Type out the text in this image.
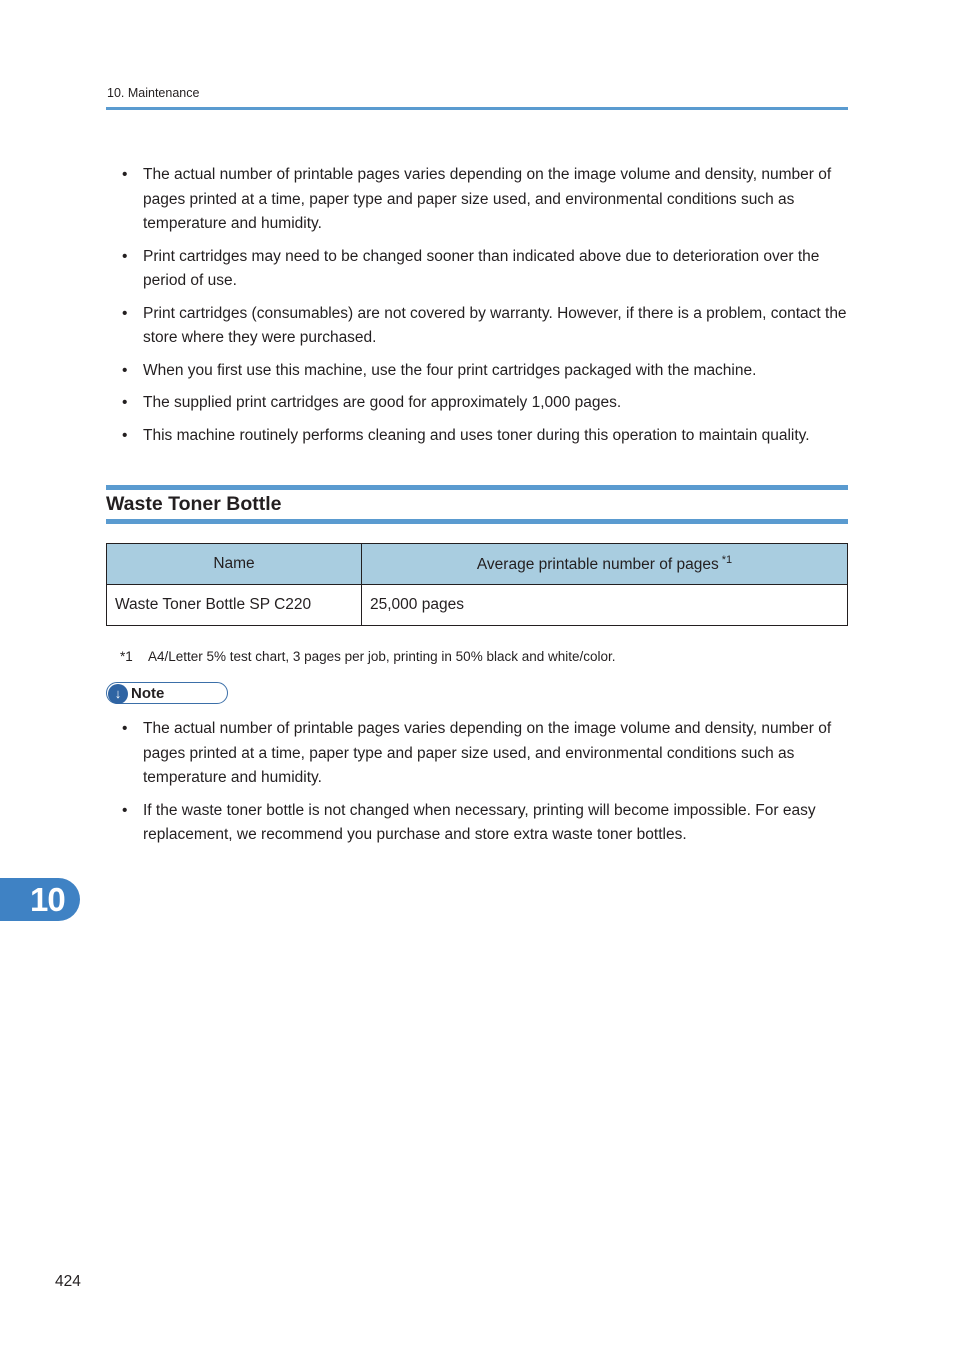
10. Maintenance
• The actual number of printable pages varies depending on the image volume and density, number of pages printed at a time, paper type and paper size used, and environmental conditions such as temperature and humidity.
• Print cartridges may need to be changed sooner than indicated above due to deterioration over the period of use.
• Print cartridges (consumables) are not covered by warranty. However, if there is a problem, contact the store where they were purchased.
• When you first use this machine, use the four print cartridges packaged with the machine.
• The supplied print cartridges are good for approximately 1,000 pages.
• This machine routinely performs cleaning and uses toner during this operation to maintain quality.
Waste Toner Bottle
Name	Average printable number of pages $^{*1}$
Waste Toner Bottle SP C220	25,000 pages
*1 A4/Letter 5% test chart, 3 pages per job, printing in 50% black and white/color.
↓ Note
• The actual number of printable pages varies depending on the image volume and density, number of pages printed at a time, paper type and paper size used, and environmental conditions such as temperature and humidity.
• If the waste toner bottle is not changed when necessary, printing will become impossible. For easy replacement, we recommend you purchase and store extra waste toner bottles.
10
424
